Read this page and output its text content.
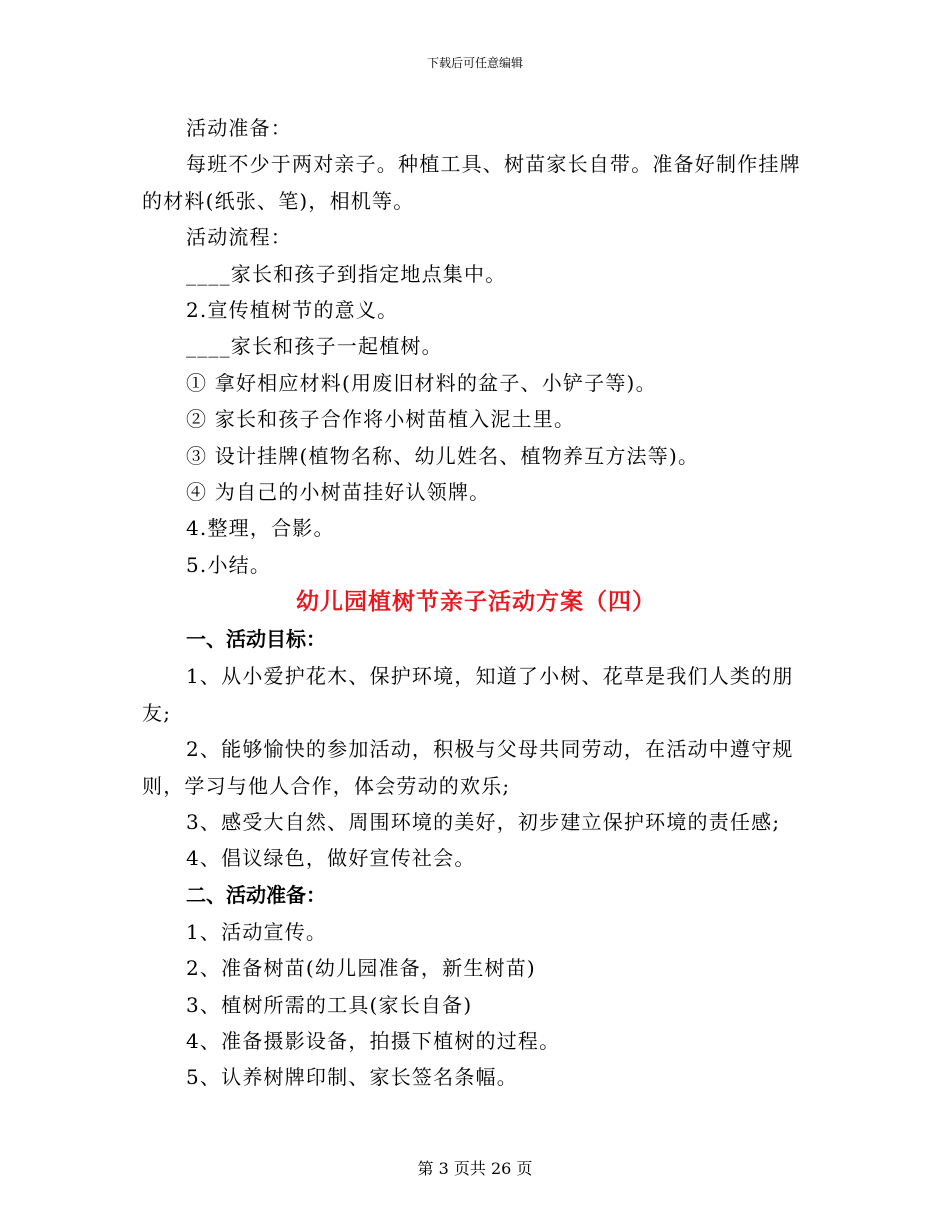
下载后可任意编辑

活动准备：

每班不少于两对亲子。种植工具、树苗家长自带。准备好制作挂牌的材料(纸张、笔)，相机等。

活动流程：

____家长和孩子到指定地点集中。

2.宣传植树节的意义。

____家长和孩子一起植树。

① 拿好相应材料(用废旧材料的盆子、小铲子等)。

② 家长和孩子合作将小树苗植入泥土里。

③ 设计挂牌(植物名称、幼儿姓名、植物养互方法等)。

④ 为自己的小树苗挂好认领牌。

4.整理，合影。

5.小结。

幼儿园植树节亲子活动方案（四）

一、活动目标：

1、从小爱护花木、保护环境，知道了小树、花草是我们人类的朋友;

2、能够愉快的参加活动，积极与父母共同劳动，在活动中遵守规则，学习与他人合作，体会劳动的欢乐;

3、感受大自然、周围环境的美好，初步建立保护环境的责任感;

4、倡议绿色，做好宣传社会。

二、活动准备：

1、活动宣传。

2、准备树苗(幼儿园准备，新生树苗)

3、植树所需的工具(家长自备)

4、准备摄影设备，拍摄下植树的过程。

5、认养树牌印制、家长签名条幅。

第 3 页共 26 页
